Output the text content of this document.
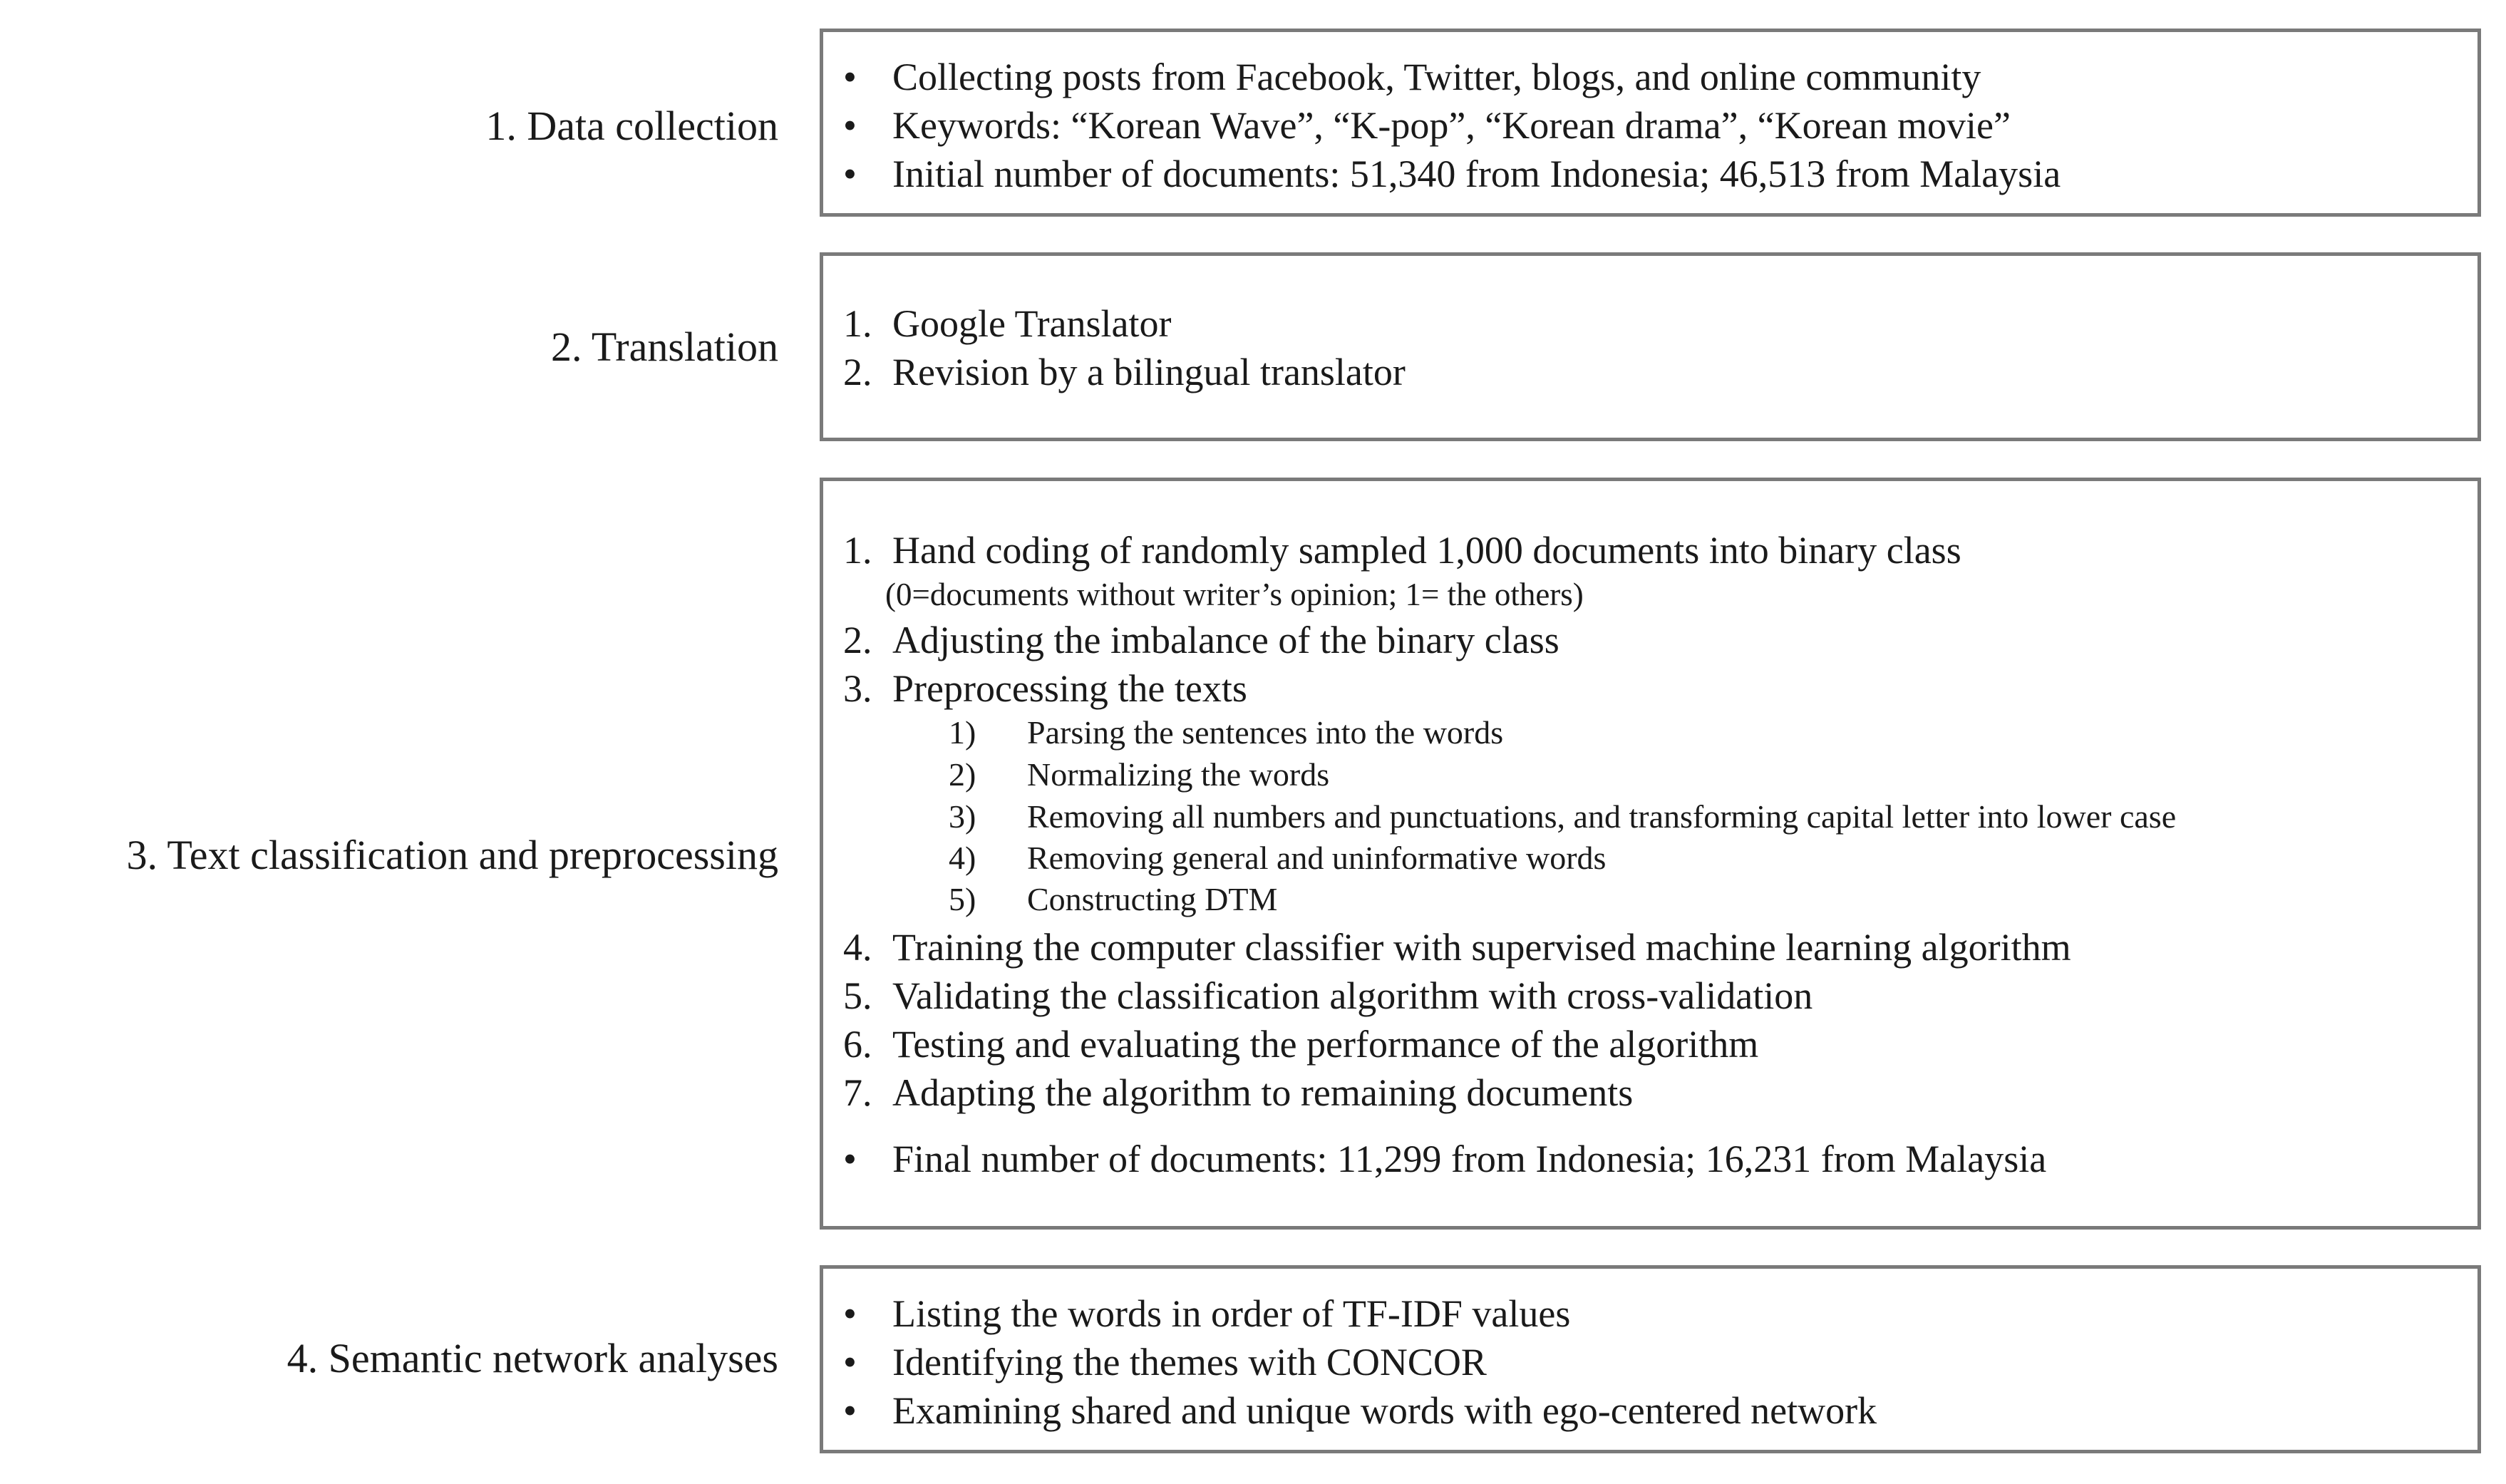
1. Data collection
• Collecting posts from Facebook, Twitter, blogs, and online community
• Keywords: “Korean Wave”, “K-pop”, “Korean drama”, “Korean movie”
• Initial number of documents: 51,340 from Indonesia; 46,513 from Malaysia
2. Translation 1. Google Translator
2. Revision by a bilingual translator
3. Text classification and preprocessing
1. Hand coding of randomly sampled 1,000 documents into binary class
(0=documents without writer’s opinion; 1= the others)
2. Adjusting the imbalance of the binary class
3. Preprocessing the texts
1) Parsing the sentences into the words
2) Normalizing the words
3) Removing all numbers and punctuations, and transforming capital letter into lower case
4) Removing general and uninformative words
5) Constructing DTM
4. Training the computer classifier with supervised machine learning algorithm
5. Validating the classification algorithm with cross-validation
6. Testing and evaluating the performance of the algorithm
7. Adapting the algorithm to remaining documents
• Final number of documents: 11,299 from Indonesia; 16,231 from Malaysia
4. Semantic network analyses
• Listing the words in order of TF-IDF values
• Identifying the themes with CONCOR
• Examining shared and unique words with ego-centered network
